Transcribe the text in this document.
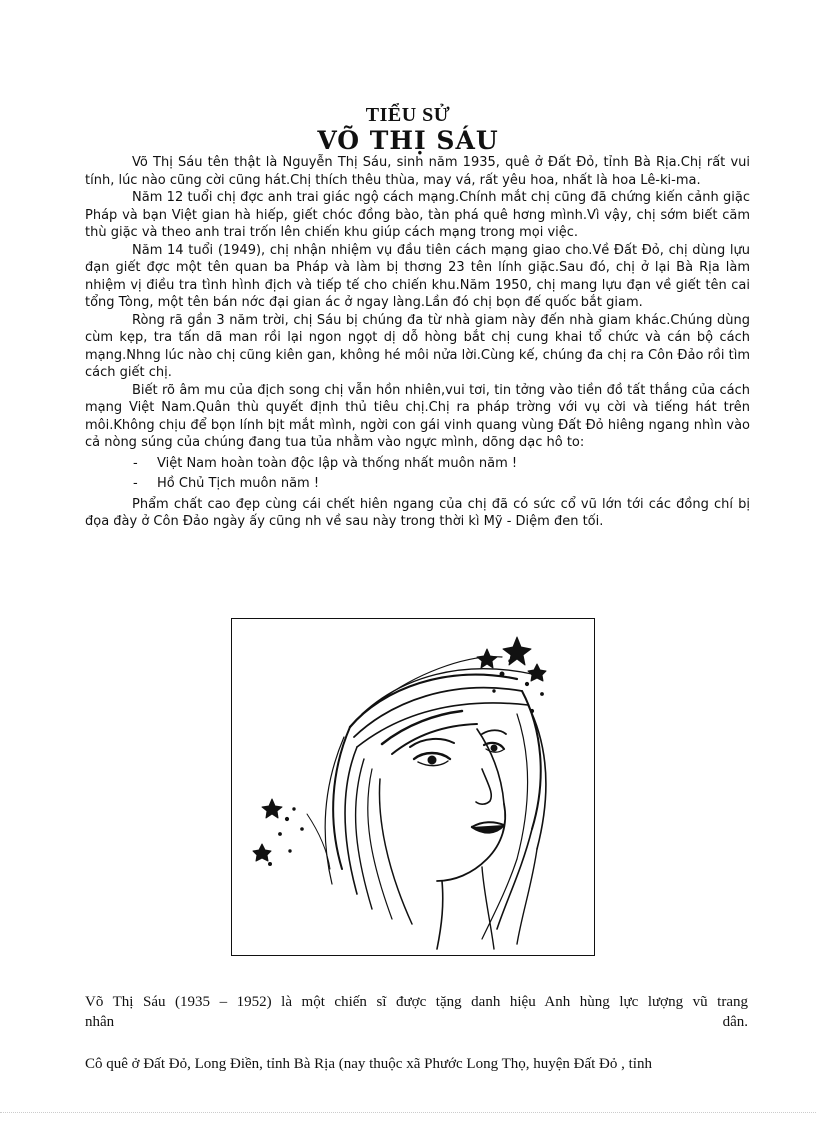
TIỂU SỬ
VÕ THỊ SÁU

Võ Thị Sáu tên thật là Nguyễn Thị Sáu, sinh năm 1935, quê ở Đất Đỏ, tỉnh Bà Rịa.Chị rất vui tính, lúc nào cũng cời cũng hát.Chị thích thêu thùa, may vá, rất yêu hoa, nhất là hoa Lê-ki-ma.

Năm 12 tuổi chị đợc anh trai giác ngộ cách mạng.Chính mắt chị cũng đã chứng kiến cảnh giặc Pháp và bạn Việt gian hà hiếp, giết chóc đồng bào, tàn phá quê hơng mình.Vì vậy, chị sớm biết căm thù giặc và theo anh trai trốn lên chiến khu giúp cách mạng trong mọi việc.

Năm 14 tuổi (1949), chị nhận nhiệm vụ đầu tiên cách mạng giao cho.Về Đất Đỏ, chị dùng lựu đạn giết đợc một tên quan ba Pháp và làm bị thơng 23 tên lính giặc.Sau đó, chị ở lại Bà Rịa làm nhiệm vị điều tra tình hình địch và tiếp tế cho chiến khu.Năm 1950, chị mang lựu đạn về giết tên cai tổng Tòng, một tên bán nớc đại gian ác ở ngay làng.Lần đó chị bọn đế quốc bắt giam.

Ròng rã gần 3 năm trời, chị Sáu bị chúng đa từ nhà giam này đến nhà giam khác.Chúng dùng cùm kẹp, tra tấn dã man rồi lại ngon ngọt dị dỗ hòng bắt chị cung khai tổ chức và cán bộ cách mạng.Nhng lúc nào chị cũng kiên gan, không hé môi nửa lời.Cùng kế, chúng đa chị ra Côn Đảo rồi tìm cách giết chị.

Biết rõ âm mu của địch song chị vẫn hồn nhiên,vui tơi, tin tởng vào tiền đồ tất thắng của cách mạng Việt Nam.Quân thù quyết định thủ tiêu chị.Chị ra pháp trờng với vụ cời và tiếng hát trên môi.Không chịu để bọn lính bịt mắt mình, ngời con gái vinh quang vùng Đất Đỏ hiêng ngang nhìn vào cả nòng súng của chúng đang tua tủa nhằm vào ngực mình, dõng dạc hô to:

- Việt Nam hoàn toàn độc lập và thống nhất muôn năm !
- Hồ Chủ Tịch muôn năm !

Phẩm chất cao đẹp cùng cái chết hiên ngang của chị đã có sức cổ vũ lớn tới các đồng chí bị đọa đày ở Côn Đảo ngày ấy cũng nh về sau này trong thời kì Mỹ - Diệm đen tối.

Võ Thị Sáu (1935 – 1952) là một chiến sĩ được tặng danh hiệu Anh hùng lực lượng vũ trang
nhân	dân.
Cô quê ở Đất Đỏ, Long Điền, tỉnh Bà Rịa (nay thuộc xã Phước Long Thọ, huyện Đất Đỏ , tỉnh
